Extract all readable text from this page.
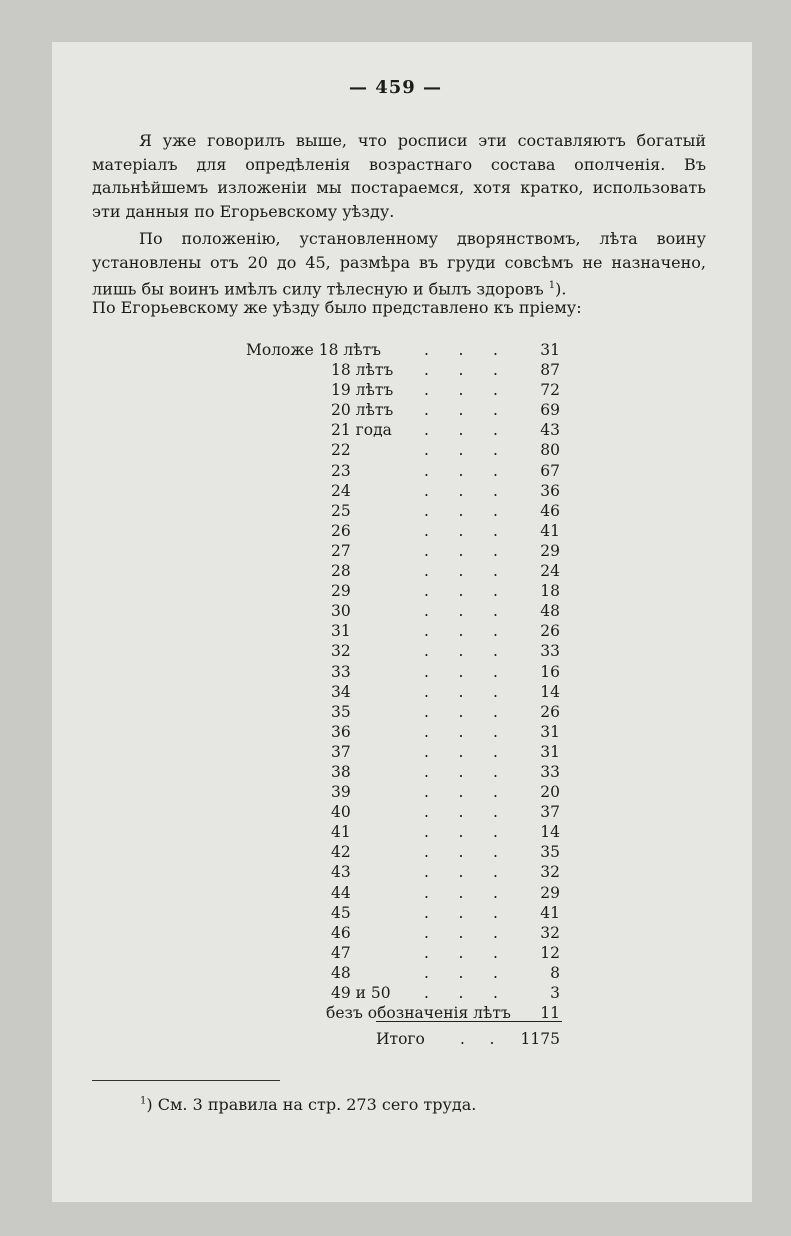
— 459 —
Я уже говорилъ выше, что росписи эти составляютъ богатый матеріалъ для опредѣленія возрастнаго состава ополченія. Въ дальнѣйшемъ изложеніи мы постараемся, хотя кратко, использовать эти данныя по Егорьевскому уѣзду.
По положенію, установленному дворянствомъ, лѣта воину установлены отъ 20 до 45, размѣра въ груди совсѣмъ не назначено, лишь бы воинъ имѣлъ силу тѣлесную и былъ здоровъ $^1$).
По Егорьевскому же уѣзду было представлено къ пріему:
Моложе 18 лѣтъ	.      .      .	31
18 лѣтъ .      .      .	87
19 лѣтъ .      .      .	72
20 лѣтъ .      .      .	69
21 года .      .      .	43
22	.      .      .	80
23	.      .      .	67
24	.      .      .	36
25	.      .      .	46
26	.      .      .	41
27	.      .      .	29
28	.      .      .	24
29	.      .      .	18
30	.      .      .	48
31	.      .      .	26
32	.      .      .	33
33	.      .      .	16
34	.      .      .	14
35	.      .      .	26
36	.      .      .	31
37	.      .      .	31
38	.      .      .	33
39	.      .      .	20
40	.      .      .	37
41	.      .      .	14
42	.      .      .	35
43	.      .      .	32
44	.      .      .	29
45	.      .      .	41
46	.      .      .	32
47	.      .      .	12
48	.      .      .	8
49 и 50 .      .      .	3
безъ обозначенія лѣтъ 11
Итого .     .	1175
$^1$) См. 3 правила на стр. 273 сего труда.
